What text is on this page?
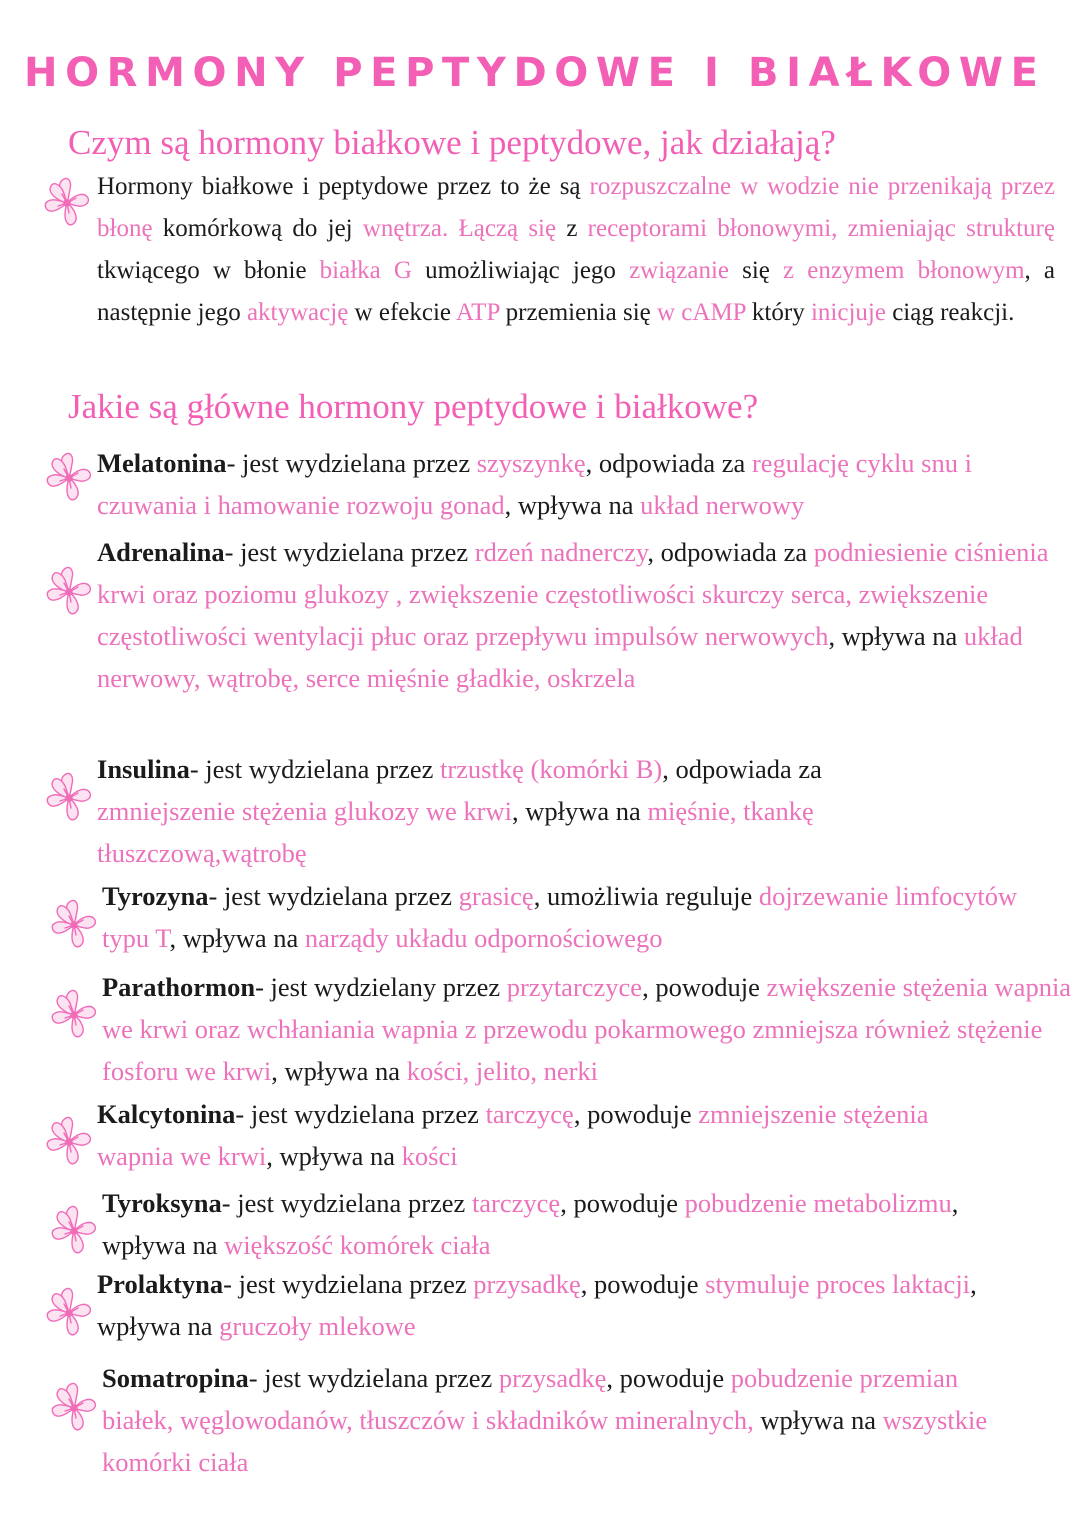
HORMONY PEPTYDOWE I BIAŁKOWE
Czym są hormony białkowe i peptydowe, jak działają?

Hormony białkowe i peptydowe przez to że są rozpuszczalne w wodzie nie przenikają przez błonę komórkową do jej wnętrza. Łączą się z receptorami błonowymi, zmieniając strukturę tkwiącego w błonie białka G umożliwiając jego związanie się z enzymem błonowym, a następnie jego aktywację w efekcie ATP przemienia się w cAMP który inicjuje ciąg reakcji.

Jakie są główne hormony peptydowe i białkowe?

Melatonina- jest wydzielana przez szyszynkę, odpowiada za regulację cyklu snu i czuwania i hamowanie rozwoju gonad, wpływa na układ nerwowy

Adrenalina- jest wydzielana przez rdzeń nadnerczy, odpowiada za podniesienie ciśnienia krwi oraz poziomu glukozy , zwiększenie częstotliwości skurczy serca, zwiększenie częstotliwości wentylacji płuc oraz przepływu impulsów nerwowych, wpływa na układ nerwowy, wątrobę, serce mięśnie gładkie, oskrzela

Insulina- jest wydzielana przez trzustkę (komórki B), odpowiada za zmniejszenie stężenia glukozy we krwi, wpływa na mięśnie, tkankę tłuszczową,wątrobę

Tyrozyna- jest wydzielana przez grasicę, umożliwia reguluje dojrzewanie limfocytów typu T, wpływa na narządy układu odpornościowego

Parathormon- jest wydzielany przez przytarczyce, powoduje zwiększenie stężenia wapnia we krwi oraz wchłaniania wapnia z przewodu pokarmowego zmniejsza również stężenie fosforu we krwi, wpływa na kości, jelito, nerki

Kalcytonina- jest wydzielana przez tarczycę, powoduje zmniejszenie stężenia wapnia we krwi, wpływa na kości

Tyroksyna- jest wydzielana przez tarczycę, powoduje pobudzenie metabolizmu, wpływa na większość komórek ciała

Prolaktyna- jest wydzielana przez przysadkę, powoduje stymuluje proces laktacji, wpływa na gruczoły mlekowe

Somatropina- jest wydzielana przez przysadkę, powoduje pobudzenie przemian białek, węglowodanów, tłuszczów i składników mineralnych, wpływa na wszystkie komórki ciała
